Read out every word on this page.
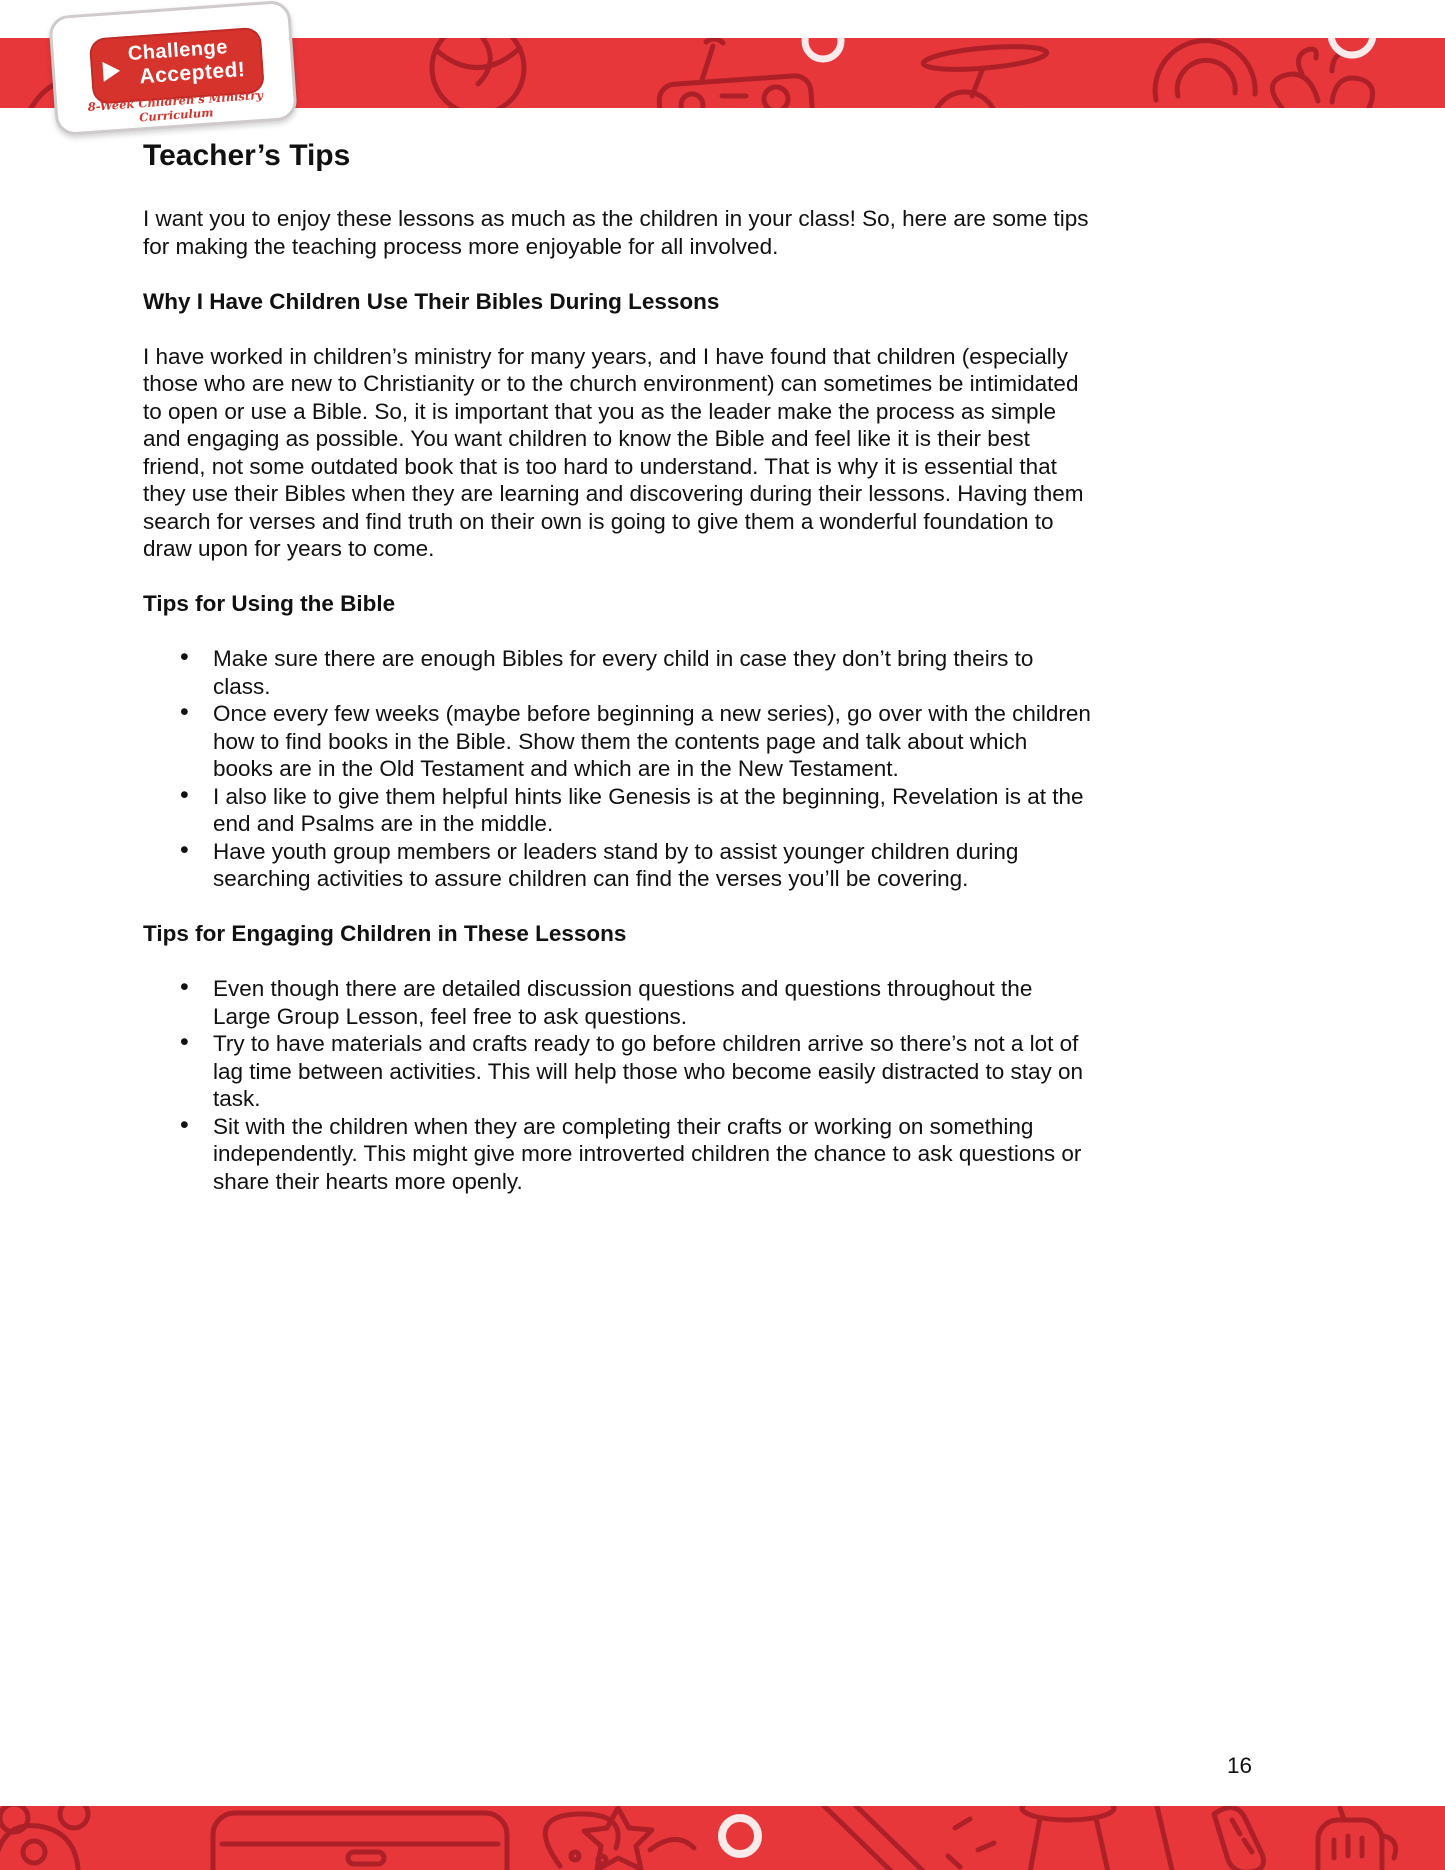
Challenge
Accepted!
8-Week Children’s Ministry Curriculum
Teacher’s Tips

I want you to enjoy these lessons as much as the children in your class! So, here are some tips for making the teaching process more enjoyable for all involved.

Why I Have Children Use Their Bibles During Lessons

I have worked in children’s ministry for many years, and I have found that children (especially those who are new to Christianity or to the church environment) can sometimes be intimidated to open or use a Bible. So, it is important that you as the leader make the process as simple and engaging as possible. You want children to know the Bible and feel like it is their best friend, not some outdated book that is too hard to understand. That is why it is essential that they use their Bibles when they are learning and discovering during their lessons. Having them search for verses and find truth on their own is going to give them a wonderful foundation to draw upon for years to come.

Tips for Using the Bible
• Make sure there are enough Bibles for every child in case they don’t bring theirs to class.
• Once every few weeks (maybe before beginning a new series), go over with the children how to find books in the Bible. Show them the contents page and talk about which books are in the Old Testament and which are in the New Testament.
• I also like to give them helpful hints like Genesis is at the beginning, Revelation is at the end and Psalms are in the middle.
• Have youth group members or leaders stand by to assist younger children during searching activities to assure children can find the verses you’ll be covering.
Tips for Engaging Children in These Lessons
• Even though there are detailed discussion questions and questions throughout the Large Group Lesson, feel free to ask questions.
• Try to have materials and crafts ready to go before children arrive so there’s not a lot of lag time between activities. This will help those who become easily distracted to stay on task.
• Sit with the children when they are completing their crafts or working on something independently. This might give more introverted children the chance to ask questions or share their hearts more openly.
16
